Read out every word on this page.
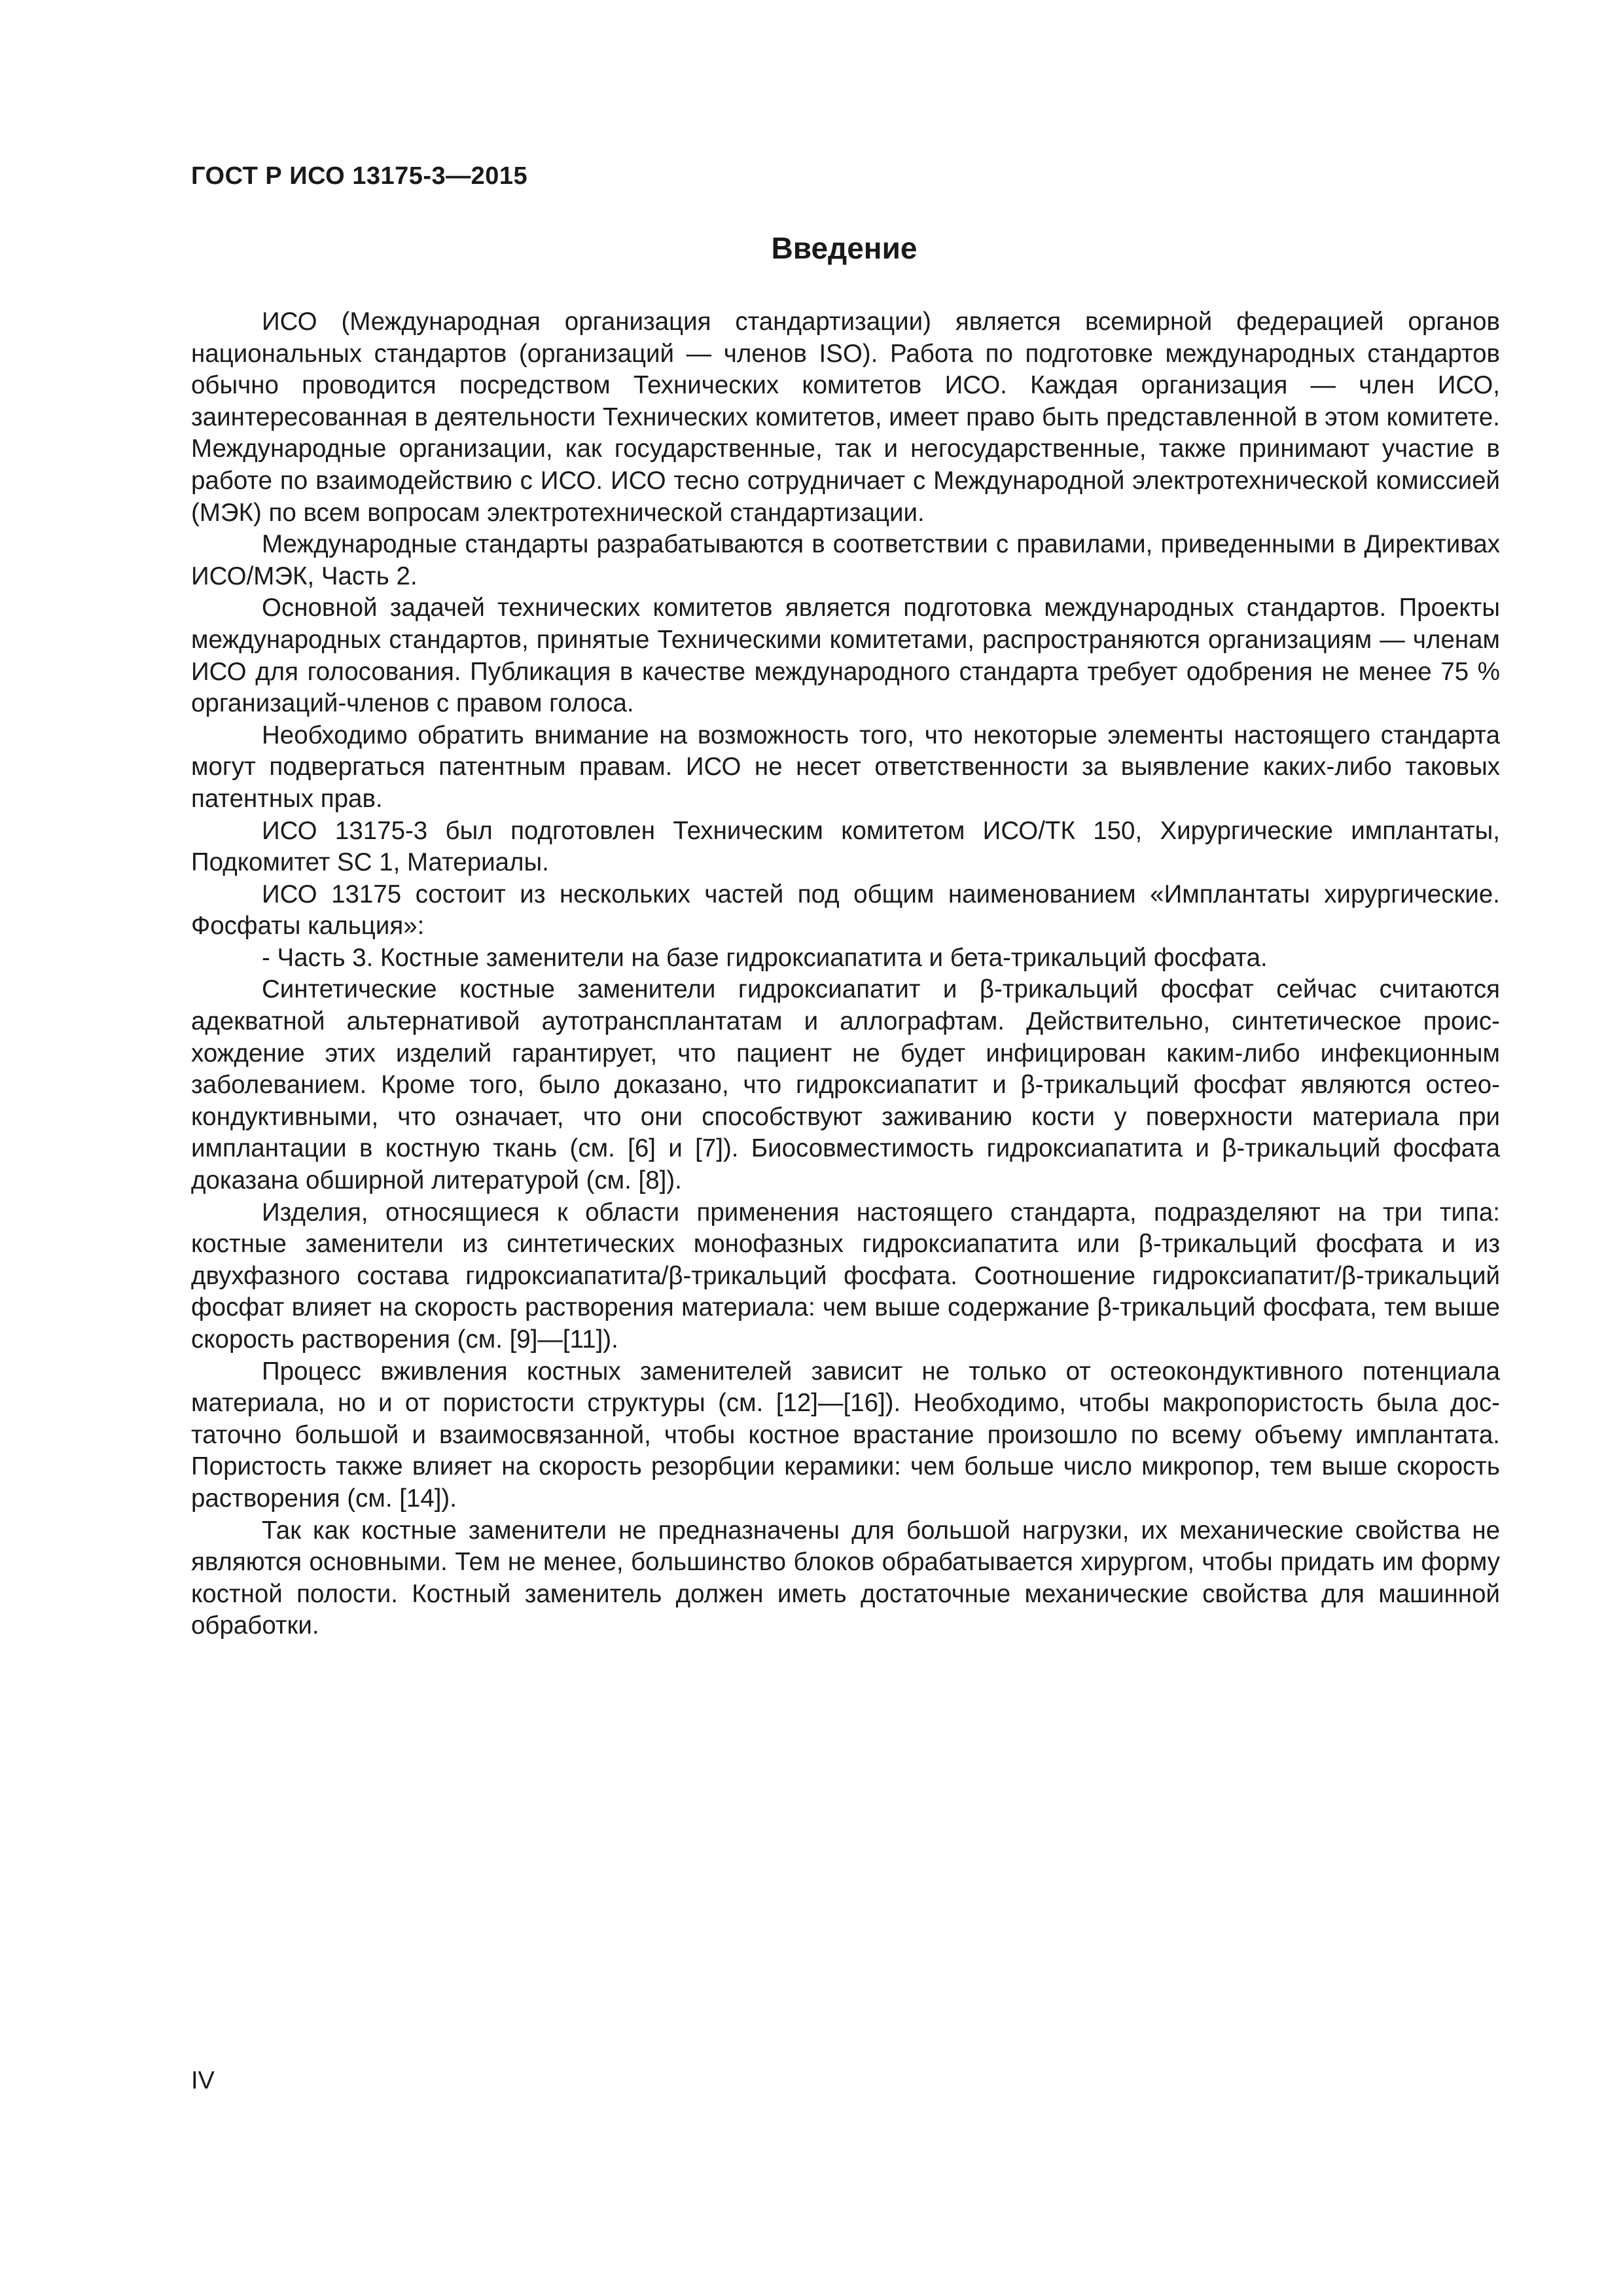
ГОСТ Р ИСО 13175-3—2015

Введение

ИСО (Международная организация стандартизации) является всемирной федерацией органов национальных стандартов (организаций — членов ISO). Работа по подготовке международных стандартов обычно проводится посредством Технических комитетов ИСО. Каждая организация — член ИСО, заинтересованная в деятельности Технических комитетов, имеет право быть представленной в этом комитете. Международные организации, как государственные, так и негосударственные, также принимают участие в работе по взаимодействию с ИСО. ИСО тесно сотрудничает с Международной электротехнической комиссией (МЭК) по всем вопросам электротехнической стандартизации.

Международные стандарты разрабатываются в соответствии с правилами, приведенными в Директивах ИСО/МЭК, Часть 2.

Основной задачей технических комитетов является подготовка международных стандартов. Проекты международных стандартов, принятые Техническими комитетами, распространяются организациям — членам ИСО для голосования. Публикация в качестве международного стандарта требует одобрения не менее 75 % организаций-членов с правом голоса.

Необходимо обратить внимание на возможность того, что некоторые элементы настоящего стандарта могут подвергаться патентным правам. ИСО не несет ответственности за выявление каких-либо таковых патентных прав.

ИСО 13175-3 был подготовлен Техническим комитетом ИСО/ТК 150, Хирургические имплантаты, Подкомитет SC 1, Материалы.

ИСО 13175 состоит из нескольких частей под общим наименованием «Имплантаты хирургические. Фосфаты кальция»:

- Часть 3. Костные заменители на базе гидроксиапатита и бета-трикальций фосфата.

Синтетические костные заменители гидроксиапатит и β-трикальций фосфат сейчас считаются адекватной альтернативой аутотрансплантатам и аллографтам. Действительно, синтетическое происхождение этих изделий гарантирует, что пациент не будет инфицирован каким-либо инфекционным заболеванием. Кроме того, было доказано, что гидроксиапатит и β-трикальций фосфат являются остеокондуктивными, что означает, что они способствуют заживанию кости у поверхности материала при имплантации в костную ткань (см. [6] и [7]). Биосовместимость гидроксиапатита и β-трикальций фосфата доказана обширной литературой (см. [8]).

Изделия, относящиеся к области применения настоящего стандарта, подразделяют на три типа: костные заменители из синтетических монофазных гидроксиапатита или β-трикальций фосфата и из двухфазного состава гидроксиапатита/β-трикальций фосфата. Соотношение гидроксиапатит/β-трикальций фосфат влияет на скорость растворения материала: чем выше содержание β-трикальций фосфата, тем выше скорость растворения (см. [9]—[11]).

Процесс вживления костных заменителей зависит не только от остеокондуктивного потенциала материала, но и от пористости структуры (см. [12]—[16]). Необходимо, чтобы макропористость была достаточно большой и взаимосвязанной, чтобы костное врастание произошло по всему объему имплантата. Пористость также влияет на скорость резорбции керамики: чем больше число микропор, тем выше скорость растворения (см. [14]).

Так как костные заменители не предназначены для большой нагрузки, их механические свойства не являются основными. Тем не менее, большинство блоков обрабатывается хирургом, чтобы придать им форму костной полости. Костный заменитель должен иметь достаточные механические свойства для машинной обработки.

IV
